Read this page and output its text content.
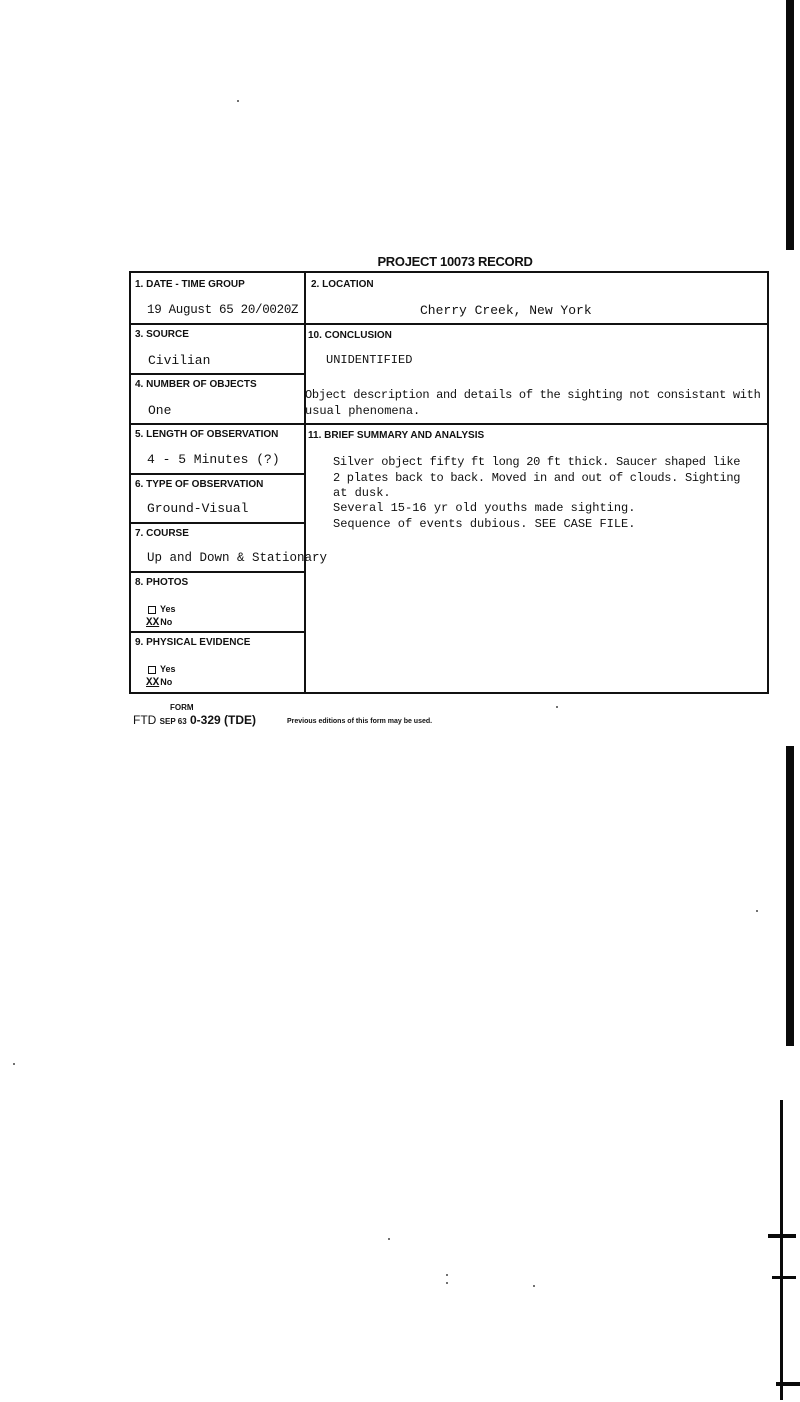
PROJECT 10073 RECORD
1. DATE - TIME GROUP
19 August 65 20/0020Z
2. LOCATION
Cherry Creek, New York
3. SOURCE
Civilian
4. NUMBER OF OBJECTS
One
5. LENGTH OF OBSERVATION
4 - 5 Minutes (?)
6. TYPE OF OBSERVATION
Ground-Visual
7. COURSE
Up and Down & Stationary
8. PHOTOS
Yes
XXNo
9. PHYSICAL EVIDENCE
Yes
XXNo
10. CONCLUSION
UNIDENTIFIED
Object description and details of the sighting not consistant with
usual phenomena.
11. BRIEF SUMMARY AND ANALYSIS
Silver object fifty ft long 20 ft thick. Saucer shaped like
2 plates back to back. Moved in and out of clouds. Sighting
at dusk.
Several 15-16 yr old youths made sighting.
Sequence of events dubious. SEE CASE FILE.
FORM
FTD SEP 63 0-329 (TDE)	Previous editions of this form may be used.
